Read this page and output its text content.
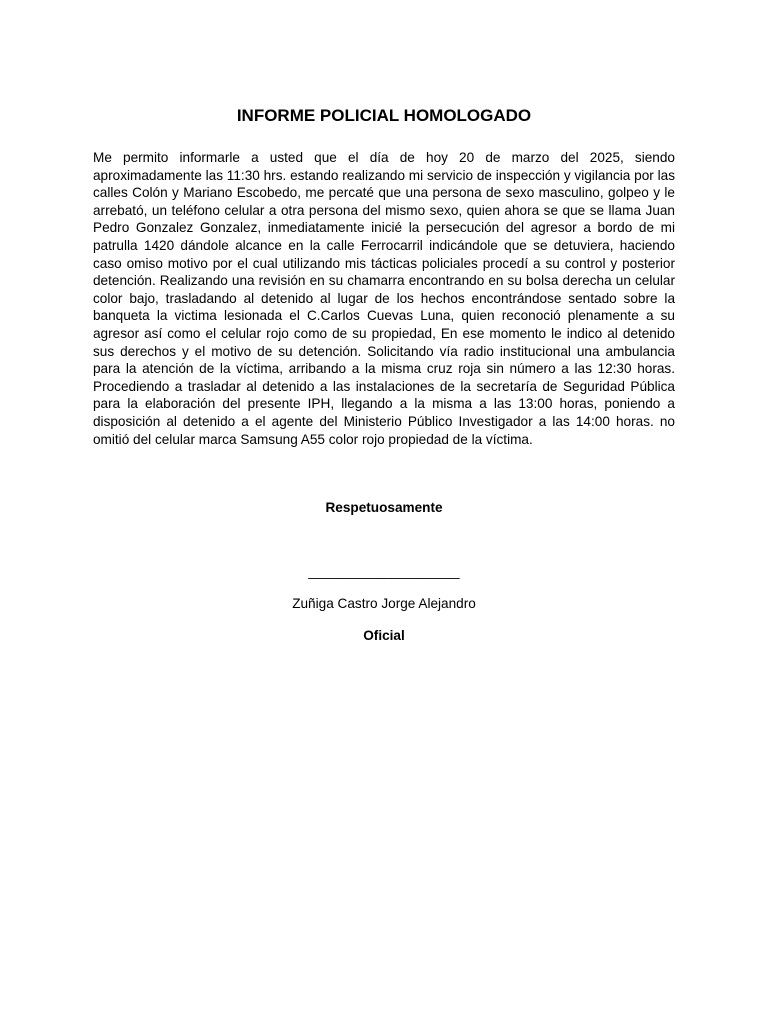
INFORME POLICIAL HOMOLOGADO

Me permito informarle a usted que el día de hoy 20 de marzo del 2025, siendo aproximadamente las 11:30 hrs. estando realizando mi servicio de inspección y vigilancia por las calles Colón y Mariano Escobedo, me percaté que una persona de sexo masculino, golpeo y le arrebató, un teléfono celular a otra persona del mismo sexo, quien ahora se que se llama Juan Pedro Gonzalez Gonzalez, inmediatamente inicié la persecución del agresor a bordo de mi patrulla 1420 dándole alcance en la calle Ferrocarril indicándole que se detuviera, haciendo caso omiso motivo por el cual utilizando mis tácticas policiales procedí a su control y posterior detención. Realizando una revisión en su chamarra encontrando en su bolsa derecha un celular color bajo, trasladando al detenido al lugar de los hechos encontrándose sentado sobre la banqueta la victima lesionada el C.Carlos Cuevas Luna, quien reconoció plenamente a su agresor así como el celular rojo como de su propiedad, En ese momento le indico al detenido sus derechos y el motivo de su detención. Solicitando vía radio institucional una ambulancia para la atención de la víctima, arribando a la misma cruz roja sin número a las 12:30 horas. Procediendo a trasladar al detenido a las instalaciones de la secretaría de Seguridad Pública para la elaboración del presente IPH, llegando a la misma a las 13:00 horas, poniendo a disposición al detenido a el agente del Ministerio Público Investigador a las 14:00 horas. no omitió del celular marca Samsung A55 color rojo propiedad de la víctima.

Respetuosamente

____________________

Zuñiga Castro Jorge Alejandro

Oficial
